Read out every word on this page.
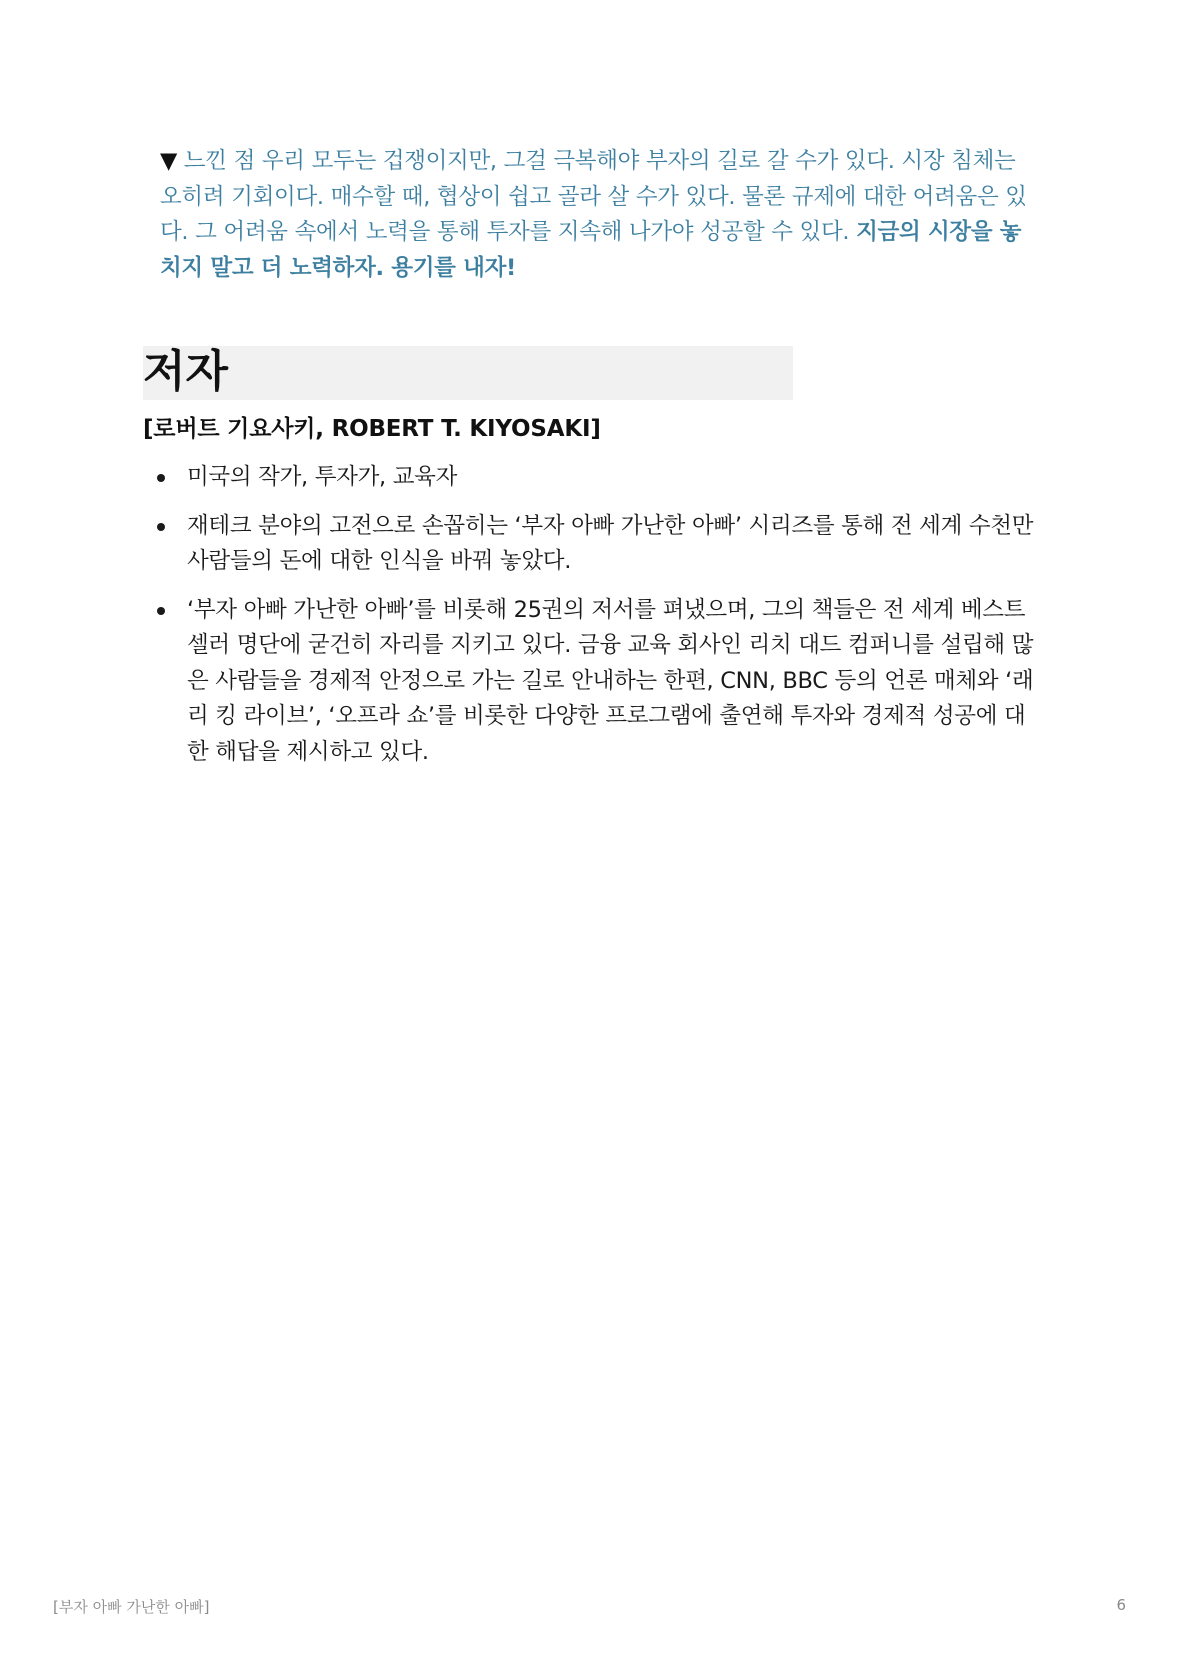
▼ 느낀 점 우리 모두는 겁쟁이지만, 그걸 극복해야 부자의 길로 갈 수가 있다. 시장 침체는 오히려 기회이다. 매수할 때, 협상이 쉽고 골라 살 수가 있다. 물론 규제에 대한 어려움은 있다. 그 어려움 속에서 노력을 통해 투자를 지속해 나가야 성공할 수 있다. 지금의 시장을 놓치지 말고 더 노력하자. 용기를 내자!

저자
[로버트 기요사키, ROBERT T. KIYOSAKI]
미국의 작가, 투자가, 교육자
재테크 분야의 고전으로 손꼽히는 ‘부자 아빠 가난한 아빠’ 시리즈를 통해 전 세계 수천만 사람들의 돈에 대한 인식을 바꿔 놓았다.
‘부자 아빠 가난한 아빠’를 비롯해 25권의 저서를 펴냈으며, 그의 책들은 전 세계 베스트셀러 명단에 굳건히 자리를 지키고 있다. 금융 교육 회사인 리치 대드 컴퍼니를 설립해 많은 사람들을 경제적 안정으로 가는 길로 안내하는 한편, CNN, BBC 등의 언론 매체와 ‘래리 킹 라이브’, ‘오프라 쇼’를 비롯한 다양한 프로그램에 출연해 투자와 경제적 성공에 대한 해답을 제시하고 있다.
[부자 아빠 가난한 아빠]	6
